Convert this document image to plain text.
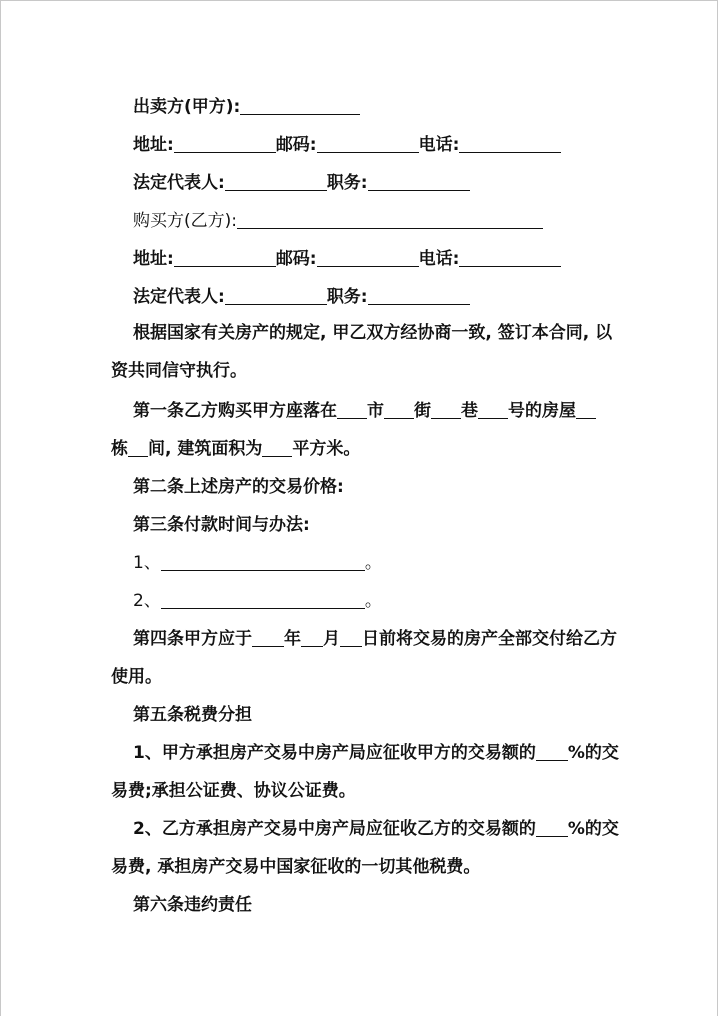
出卖方(甲方):
地址:	邮码:	电话:
法定代表人:	职务:
购买方(乙方):
地址:	邮码:	电话:
法定代表人:	职务:
根据国家有关房产的规定, 甲乙双方经协商一致, 签订本合同, 以
资共同信守执行。
第一条乙方购买甲方座落在 市 街 巷 号的房屋
栋 间, 建筑面积为 平方米。
第二条上述房产的交易价格:
第三条付款时间与办法:
1、	。
2、	。
第四条甲方应于 年 月 日前将交易的房产全部交付给乙方
使用。
第五条税费分担
1、甲方承担房产交易中房产局应征收甲方的交易额的 %的交
易费;承担公证费、协议公证费。
2、乙方承担房产交易中房产局应征收乙方的交易额的 %的交
易费, 承担房产交易中国家征收的一切其他税费。
第六条违约责任
